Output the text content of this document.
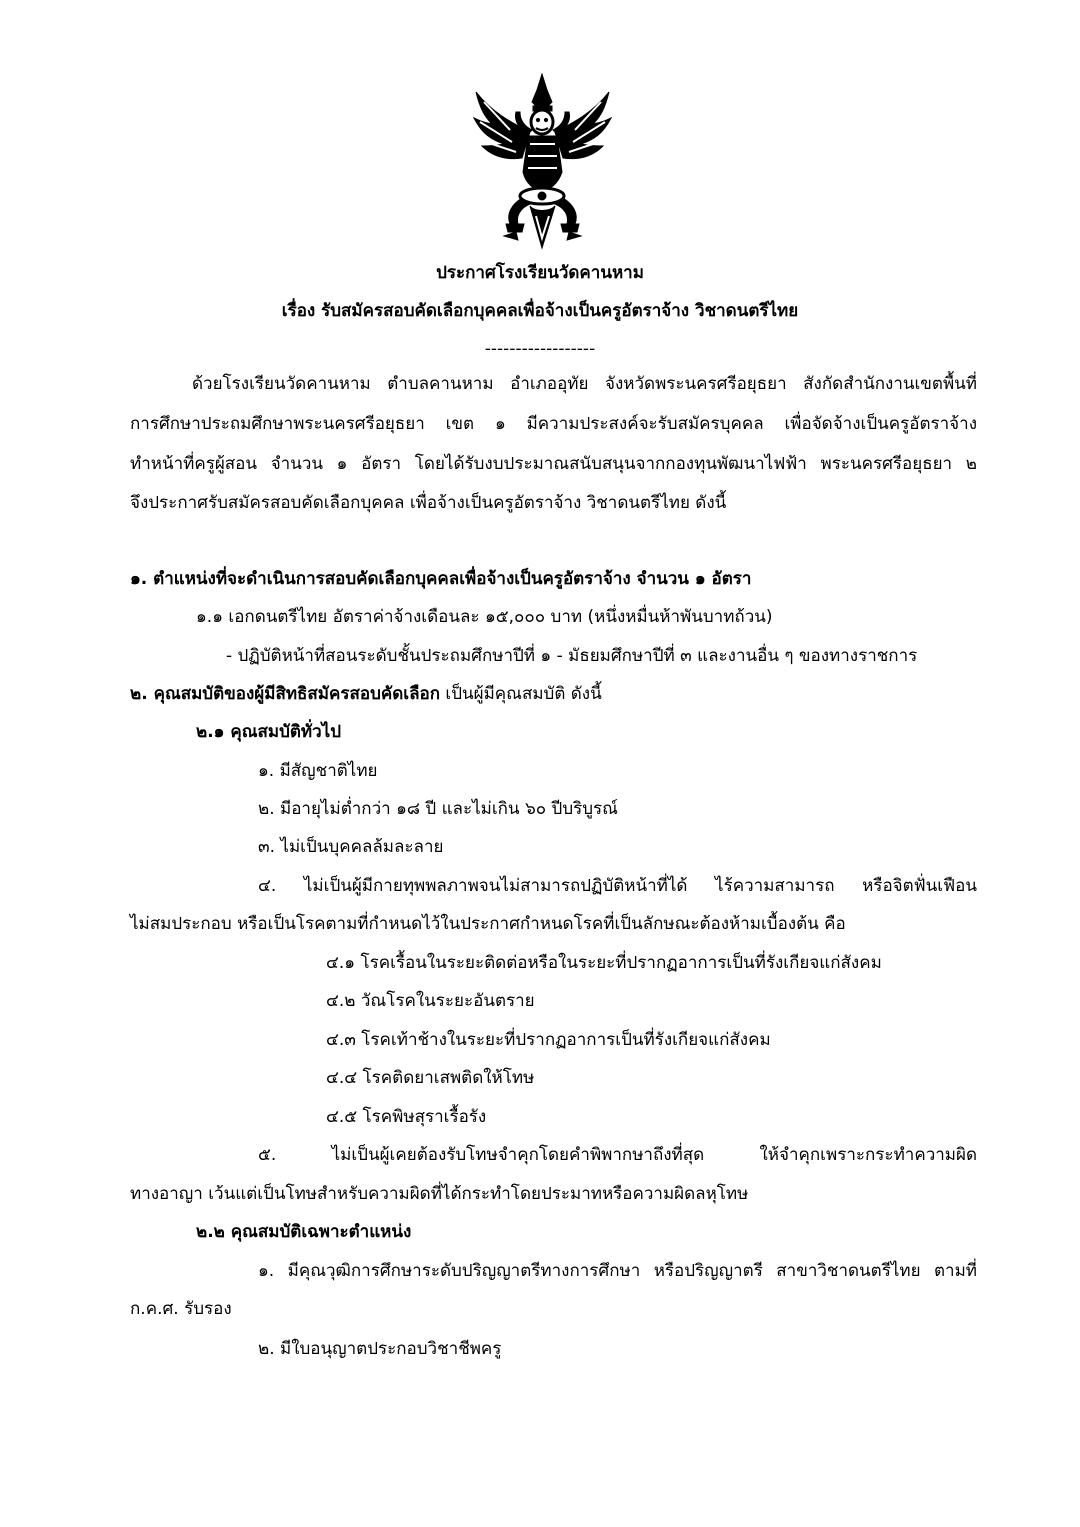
ประกาศโรงเรียนวัดคานหาม
เรื่อง รับสมัครสอบคัดเลือกบุคคลเพื่อจ้างเป็นครูอัตราจ้าง วิชาดนตรีไทย
------------------
ด้วยโรงเรียนวัดคานหาม ตำบลคานหาม อำเภออุทัย จังหวัดพระนครศรีอยุธยา สังกัดสำนักงานเขตพื้นที่
การศึกษาประถมศึกษาพระนครศรีอยุธยา เขต ๑ มีความประสงค์จะรับสมัครบุคคล เพื่อจัดจ้างเป็นครูอัตราจ้าง
ทำหน้าที่ครูผู้สอน จำนวน ๑ อัตรา โดยได้รับงบประมาณสนับสนุนจากกองทุนพัฒนาไฟฟ้า พระนครศรีอยุธยา ๒
จึงประกาศรับสมัครสอบคัดเลือกบุคคล เพื่อจ้างเป็นครูอัตราจ้าง วิชาดนตรีไทย ดังนี้
๑. ตำแหน่งที่จะดำเนินการสอบคัดเลือกบุคคลเพื่อจ้างเป็นครูอัตราจ้าง จำนวน ๑ อัตรา
๑.๑ เอกดนตรีไทย อัตราค่าจ้างเดือนละ ๑๕,๐๐๐ บาท (หนึ่งหมื่นห้าพันบาทถ้วน)
- ปฏิบัติหน้าที่สอนระดับชั้นประถมศึกษาปีที่ ๑ - มัธยมศึกษาปีที่ ๓ และงานอื่น ๆ ของทางราชการ
๒. คุณสมบัติของผู้มีสิทธิสมัครสอบคัดเลือก เป็นผู้มีคุณสมบัติ ดังนี้
๒.๑ คุณสมบัติทั่วไป
๑. มีสัญชาติไทย
๒. มีอายุไม่ต่ำกว่า ๑๘ ปี และไม่เกิน ๖๐ ปีบริบูรณ์
๓. ไม่เป็นบุคคลล้มละลาย
๔. ไม่เป็นผู้มีกายทุพพลภาพจนไม่สามารถปฏิบัติหน้าที่ได้ ไร้ความสามารถ หรือจิตฟั่นเฟือน
ไม่สมประกอบ หรือเป็นโรคตามที่กำหนดไว้ในประกาศกำหนดโรคที่เป็นลักษณะต้องห้ามเบื้องต้น คือ
๔.๑ โรคเรื้อนในระยะติดต่อหรือในระยะที่ปรากฏอาการเป็นที่รังเกียจแก่สังคม
๔.๒ วัณโรคในระยะอันตราย
๔.๓ โรคเท้าช้างในระยะที่ปรากฏอาการเป็นที่รังเกียจแก่สังคม
๔.๔ โรคติดยาเสพติดให้โทษ
๔.๕ โรคพิษสุราเรื้อรัง
๕. ไม่เป็นผู้เคยต้องรับโทษจำคุกโดยคำพิพากษาถึงที่สุด ให้จำคุกเพราะกระทำความผิด
ทางอาญา เว้นแต่เป็นโทษสำหรับความผิดที่ได้กระทำโดยประมาทหรือความผิดลหุโทษ
๒.๒ คุณสมบัติเฉพาะตำแหน่ง
๑. มีคุณวุฒิการศึกษาระดับปริญญาตรีทางการศึกษา หรือปริญญาตรี สาขาวิชาดนตรีไทย ตามที่
ก.ค.ศ. รับรอง
๒. มีใบอนุญาตประกอบวิชาชีพครู
